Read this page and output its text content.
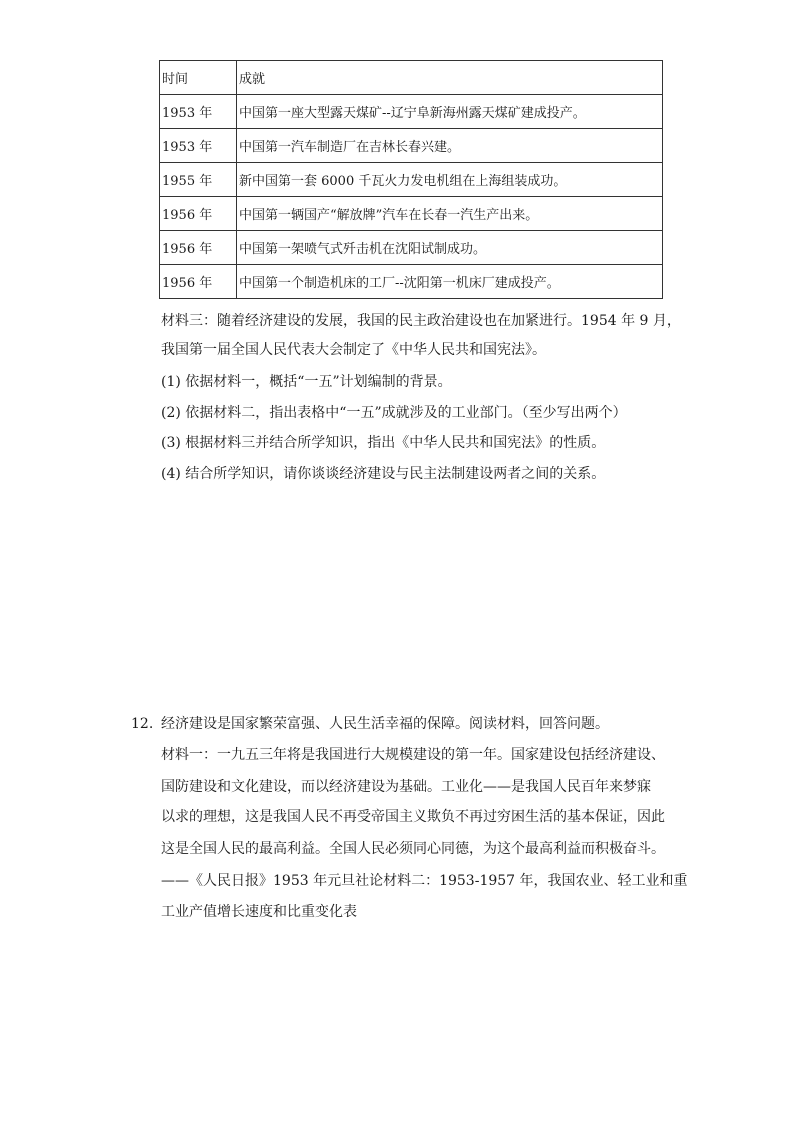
时间	成就
1953 年	中国第一座大型露天煤矿--辽宁阜新海州露天煤矿建成投产。
1953 年	中国第一汽车制造厂在吉林长春兴建。
1955 年	新中国第一套 6000 千瓦火力发电机组在上海组装成功。
1956 年	中国第一辆国产“解放牌”汽车在长春一汽生产出来。
1956 年	中国第一架喷气式歼击机在沈阳试制成功。
1956 年	中国第一个制造机床的工厂--沈阳第一机床厂建成投产。
材料三：随着经济建设的发展，我国的民主政治建设也在加紧进行。1954 年 9 月，
我国第一届全国人民代表大会制定了《中华人民共和国宪法》。
(1) 依据材料一，概括“一五”计划编制的背景。
(2) 依据材料二，指出表格中“一五”成就涉及的工业部门。（至少写出两个）
(3) 根据材料三并结合所学知识，指出《中华人民共和国宪法》的性质。
(4) 结合所学知识，请你谈谈经济建设与民主法制建设两者之间的关系。
12. 经济建设是国家繁荣富强、人民生活幸福的保障。阅读材料，回答问题。
材料一：一九五三年将是我国进行大规模建设的第一年。国家建设包括经济建设、
国防建设和文化建设，而以经济建设为基础。工业化——是我国人民百年来梦寐
以求的理想，这是我国人民不再受帝国主义欺负不再过穷困生活的基本保证，因此
这是全国人民的最高利益。全国人民必须同心同德，为这个最高利益而积极奋斗。
——《人民日报》1953 年元旦社论材料二：1953-1957 年，我国农业、轻工业和重
工业产值增长速度和比重变化表
